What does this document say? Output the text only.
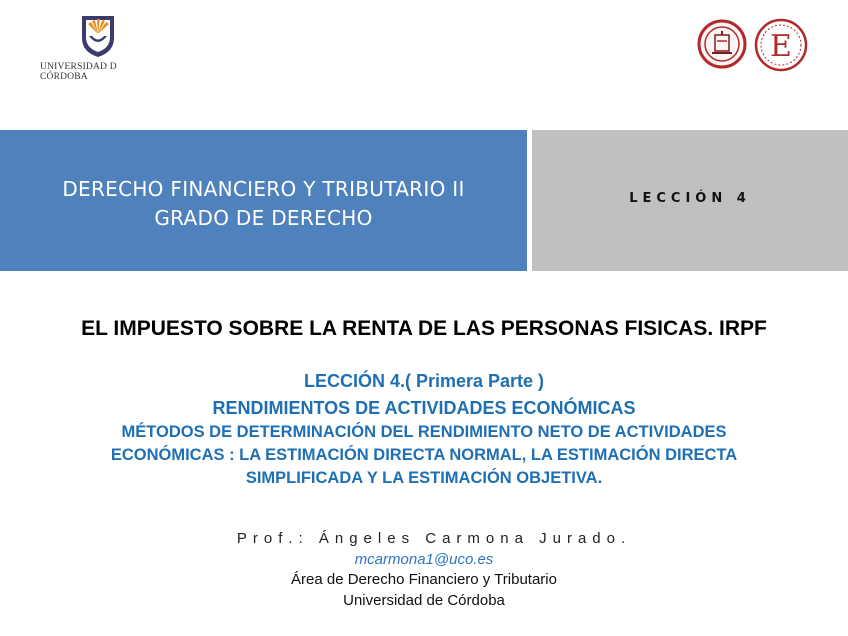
UNIVERSIDAD D CÓRDOBA
E
DERECHO FINANCIERO Y TRIBUTARIO II
GRADO DE DERECHO
LECCIÓN 4
EL IMPUESTO SOBRE LA RENTA DE LAS PERSONAS FISICAS. IRPF
LECCIÓN 4.( Primera Parte )
RENDIMIENTOS DE ACTIVIDADES ECONÓMICAS
MÉTODOS DE DETERMINACIÓN DEL RENDIMIENTO NETO DE ACTIVIDADES
ECONÓMICAS : LA ESTIMACIÓN DIRECTA NORMAL, LA ESTIMACIÓN DIRECTA
SIMPLIFICADA Y LA ESTIMACIÓN OBJETIVA.
Prof.: Ángeles Carmona Jurado.
mcarmona1@uco.es
Área de Derecho Financiero y Tributario
Universidad de Córdoba
